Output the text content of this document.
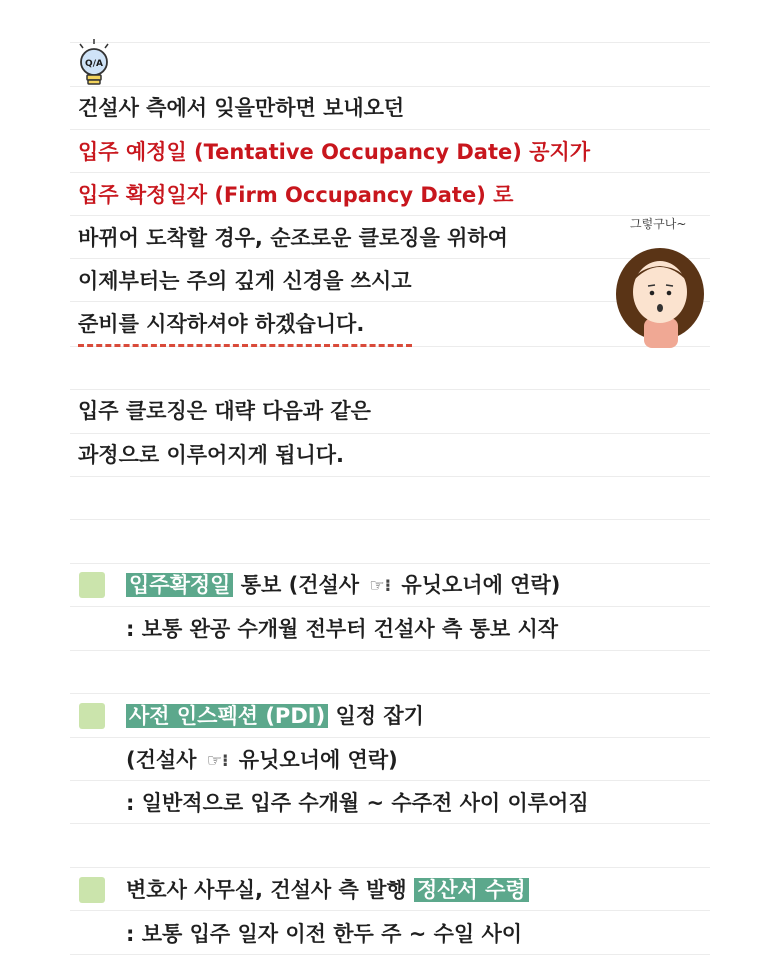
Q/A
건설사 측에서 잊을만하면 보내오던
입주 예정일 (Tentative Occupancy Date) 공지가
입주 확정일자 (Firm Occupancy Date) 로
바뀌어 도착할 경우, 순조로운 클로징을 위하여
이제부터는 주의 깊게 신경을 쓰시고
준비를 시작하셔야 하겠습니다.
그렇구나~
입주 클로징은 대략 다음과 같은
과정으로 이루어지게 됩니다.
입주확정일 통보 (건설사 ☞⁝ 유닛오너에 연락)
: 보통 완공 수개월 전부터 건설사 측 통보 시작
사전 인스펙션 (PDI) 일정 잡기
(건설사 ☞⁝ 유닛오너에 연락)
: 일반적으로 입주 수개월 ~ 수주전 사이 이루어짐
변호사 사무실, 건설사 측 발행 정산서 수령
: 보통 입주 일자 이전 한두 주 ~ 수일 사이
